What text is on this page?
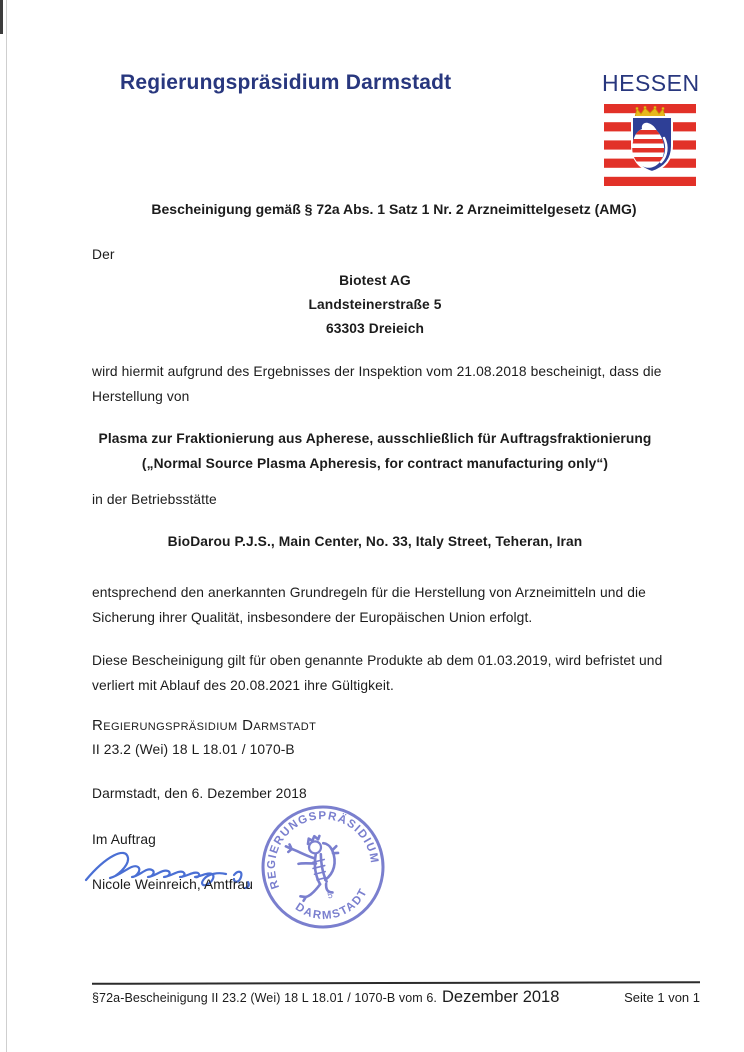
Regierungspräsidium Darmstadt	HESSEN
Bescheinigung gemäß § 72a Abs. 1 Satz 1 Nr. 2 Arzneimittelgesetz (AMG)
Der
Biotest AG
Landsteinerstraße 5
63303 Dreieich
wird hiermit aufgrund des Ergebnisses der Inspektion vom 21.08.2018 bescheinigt, dass die
Herstellung von
Plasma zur Fraktionierung aus Apherese, ausschließlich für Auftragsfraktionierung
(„Normal Source Plasma Apheresis, for contract manufacturing only“)
in der Betriebsstätte
BioDarou P.J.S., Main Center, No. 33, Italy Street, Teheran, Iran
entsprechend den anerkannten Grundregeln für die Herstellung von Arzneimitteln und die
Sicherung ihrer Qualität, insbesondere der Europäischen Union erfolgt.
Diese Bescheinigung gilt für oben genannte Produkte ab dem 01.03.2019, wird befristet und
verliert mit Ablauf des 20.08.2021 ihre Gültigkeit.
Regierungspräsidium Darmstadt
II 23.2 (Wei) 18 L 18.01 / 1070-B
Darmstadt, den 6. Dezember 2018
Im Auftrag
Nicole Weinreich, Amtfrau	REGIERUNGSPRÄSIDIUM
DARMSTADT
5
§72a-Bescheinigung II 23.2 (Wei) 18 L 18.01 / 1070-B vom 6. Dezember 2018	Seite 1 von 1
